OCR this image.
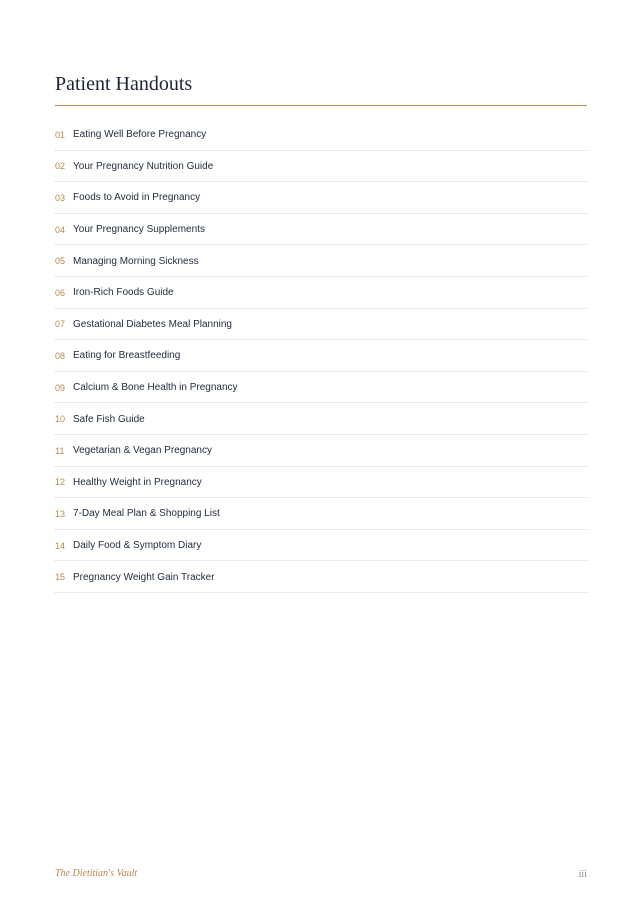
Patient Handouts
01 Eating Well Before Pregnancy
02 Your Pregnancy Nutrition Guide
03 Foods to Avoid in Pregnancy
04 Your Pregnancy Supplements
05 Managing Morning Sickness
06 Iron-Rich Foods Guide
07 Gestational Diabetes Meal Planning
08 Eating for Breastfeeding
09 Calcium & Bone Health in Pregnancy
10 Safe Fish Guide
11 Vegetarian & Vegan Pregnancy
12 Healthy Weight in Pregnancy
13 7-Day Meal Plan & Shopping List
14 Daily Food & Symptom Diary
15 Pregnancy Weight Gain Tracker
The Dietitian's Vault	iii
